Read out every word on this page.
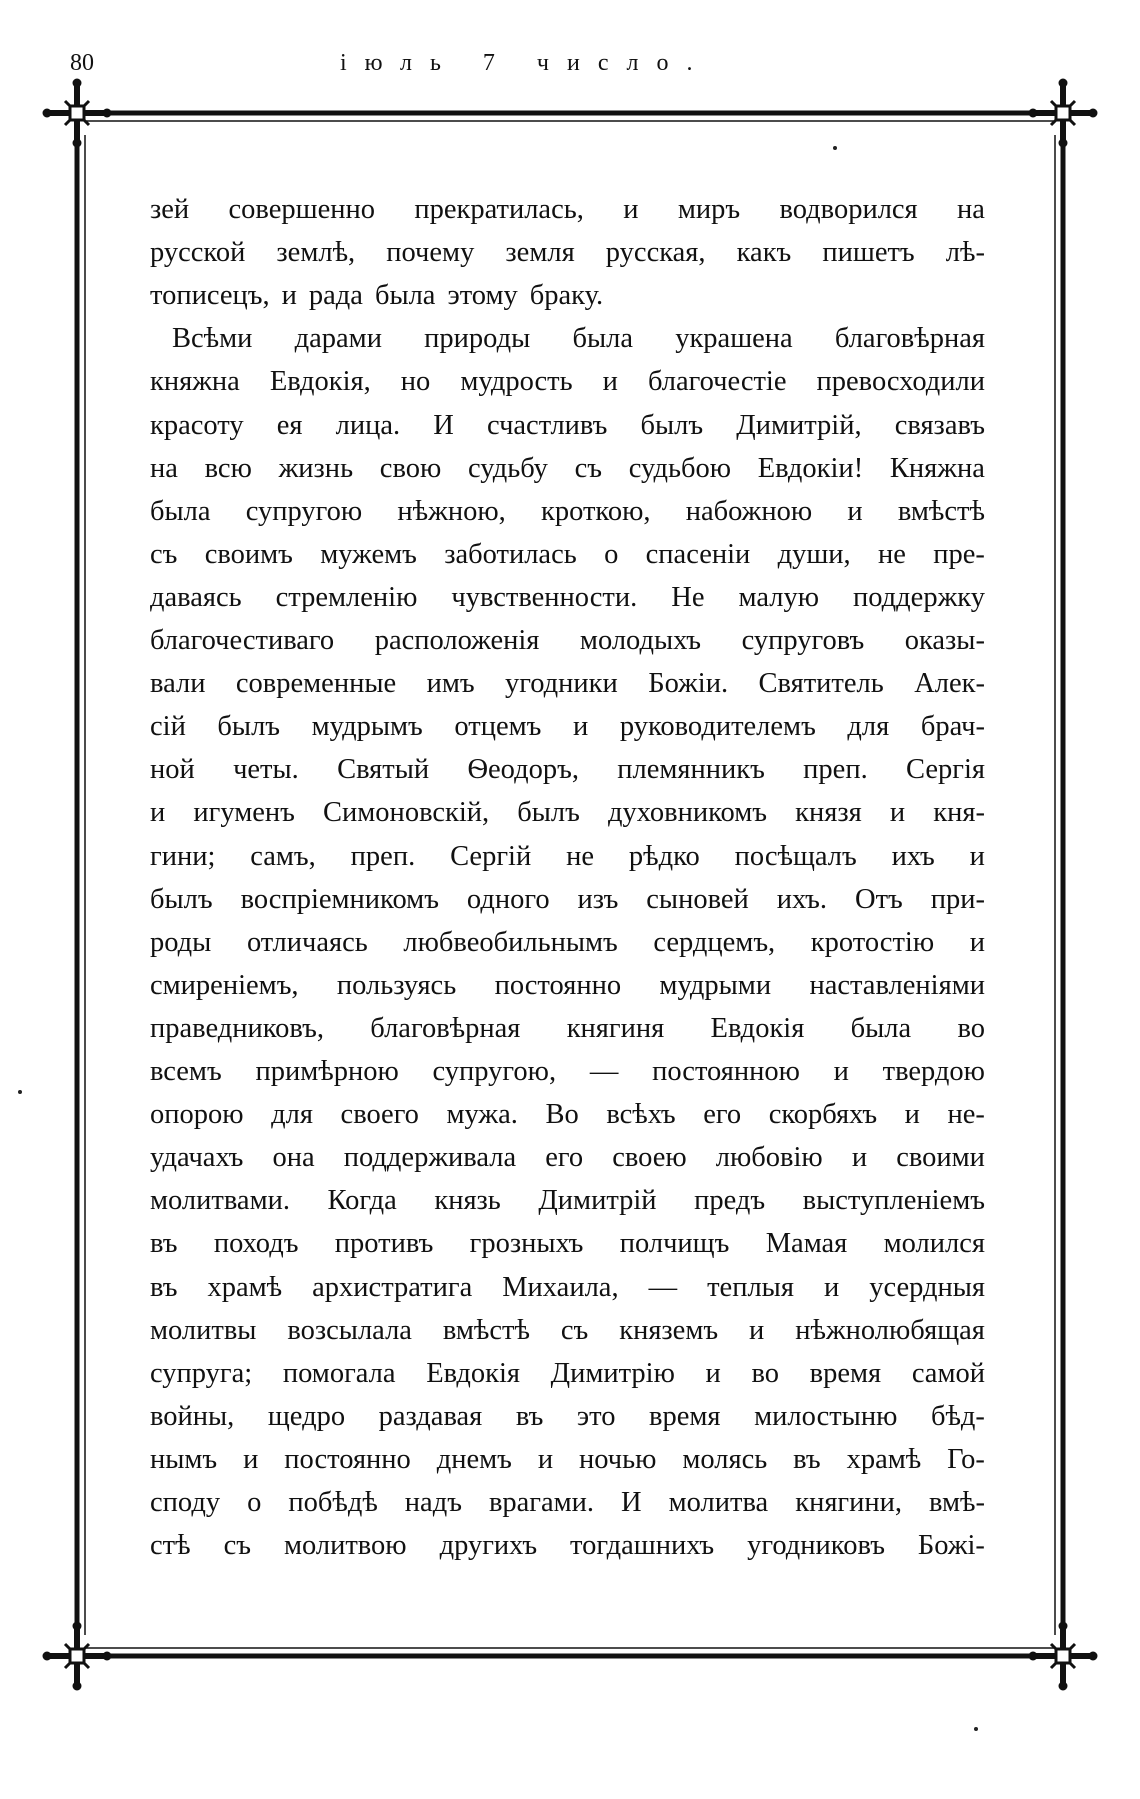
80	іюль 7 число.
зей совершенно прекратилась, и миръ водворился на
русской землѣ, почему земля русская, какъ пишетъ лѣ-
тописецъ, и рада была этому браку.
Всѣми дарами природы была украшена благовѣрная
княжна Евдокія, но мудрость и благочестіе превосходили
красоту ея лица. И счастливъ былъ Димитрій, связавъ
на всю жизнь свою судьбу съ судьбою Евдокіи! Княжна
была супругою нѣжною, кроткою, набожною и вмѣстѣ
съ своимъ мужемъ заботилась о спасеніи души, не пре-
даваясь стремленію чувственности. Не малую поддержку
благочестиваго расположенія молодыхъ супруговъ оказы-
вали современные имъ угодники Божіи. Святитель Алек-
сій былъ мудрымъ отцемъ и руководителемъ для брач-
ной четы. Святый Ѳеодоръ, племянникъ преп. Сергія
и игуменъ Симоновскій, былъ духовникомъ князя и кня-
гини; самъ, преп. Сергій не рѣдко посѣщалъ ихъ и
былъ воспріемникомъ одного изъ сыновей ихъ. Отъ при-
роды отличаясь любвеобильнымъ сердцемъ, кротостію и
смиреніемъ, пользуясь постоянно мудрыми наставленіями
праведниковъ, благовѣрная княгиня Евдокія была во
всемъ примѣрною супругою, — постоянною и твердою
опорою для своего мужа. Во всѣхъ его скорбяхъ и не-
удачахъ она поддерживала его своею любовію и своими
молитвами. Когда князь Димитрій предъ выступленіемъ
въ походъ противъ грозныхъ полчищъ Мамая молился
въ храмѣ архистратига Михаила, — теплыя и усердныя
молитвы возсылала вмѣстѣ съ княземъ и нѣжнолюбящая
супруга; помогала Евдокія Димитрію и во время самой
войны, щедро раздавая въ это время милостыню бѣд-
нымъ и постоянно днемъ и ночью молясь въ храмѣ Го-
споду о побѣдѣ надъ врагами. И молитва княгини, вмѣ-
стѣ съ молитвою другихъ тогдашнихъ угодниковъ Божі-
